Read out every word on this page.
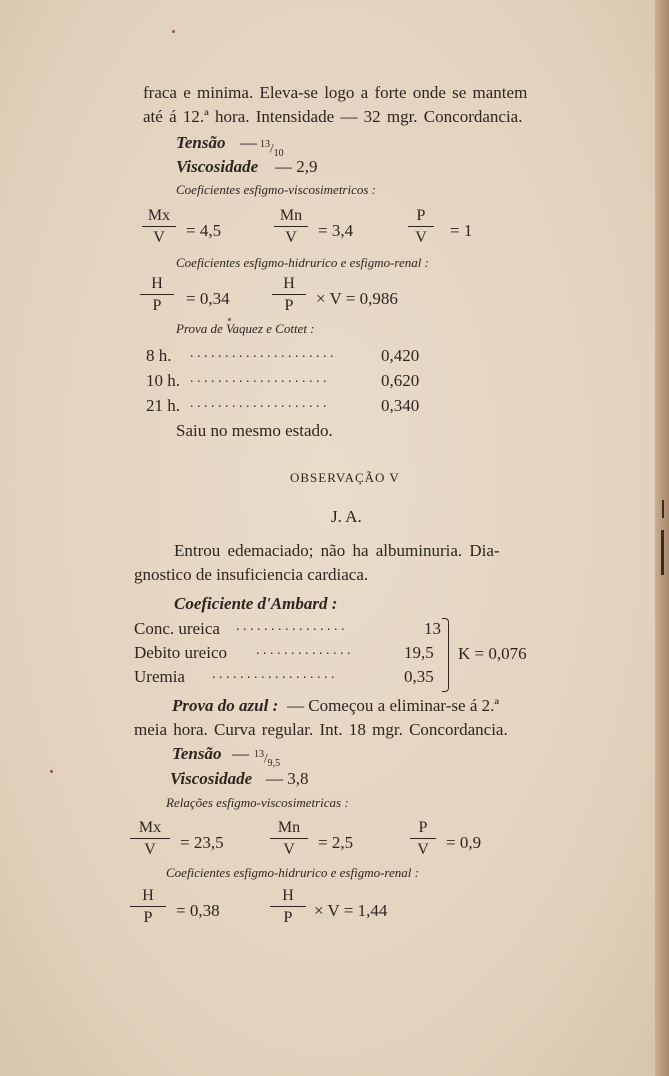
fraca e minima. Eleva-se logo a forte onde se mantem
até á 12.ª hora. Intensidade — 32 mgr. Concordancia.
Tensão — $^{13}/_{10}$
Viscosidade — 2,9
Coeficientes esfigmo-viscosimetricos :
Mx
V	= 4,5
Mn
V	= 3,4
P
V	= 1
Coeficientes esfigmo-hidrurico e esfigmo-renal :
H
P	= 0,34
H
P	× V = 0,986
Prova de Vaquez e Cottet :
8 h. . . . . . . . . . . . . . . . . . . . . .	0,420
10 h. . . . . . . . . . . . . . . . . . . . .	0,620
21 h. . . . . . . . . . . . . . . . . . . . .	0,340
Saiu no mesmo estado.
OBSERVAÇÃO V
J. A.
Entrou edemaciado; não ha albuminuria. Dia-
gnostico de insuficiencia cardiaca.
Coeficiente d'Ambard :
Conc. ureica . . . . . . . . . . . . . . . .	13
Debito ureico . . . . . . . . . . . . . .	19,5
Uremia . . . . . . . . . . . . . . . . . .	0,35
K = 0,076
Prova do azul : — Começou a eliminar-se á 2.ª
meia hora. Curva regular. Int. 18 mgr. Concordancia.
Tensão — $^{13}/_{9,5}$
Viscosidade — 3,8
Relações esfigmo-viscosimetricas :
Mx
V	= 23,5
Mn
V	= 2,5
P
V	= 0,9
Coeficientes esfigmo-hidrurico e esfigmo-renal :
H
P	= 0,38
H
P	× V = 1,44
